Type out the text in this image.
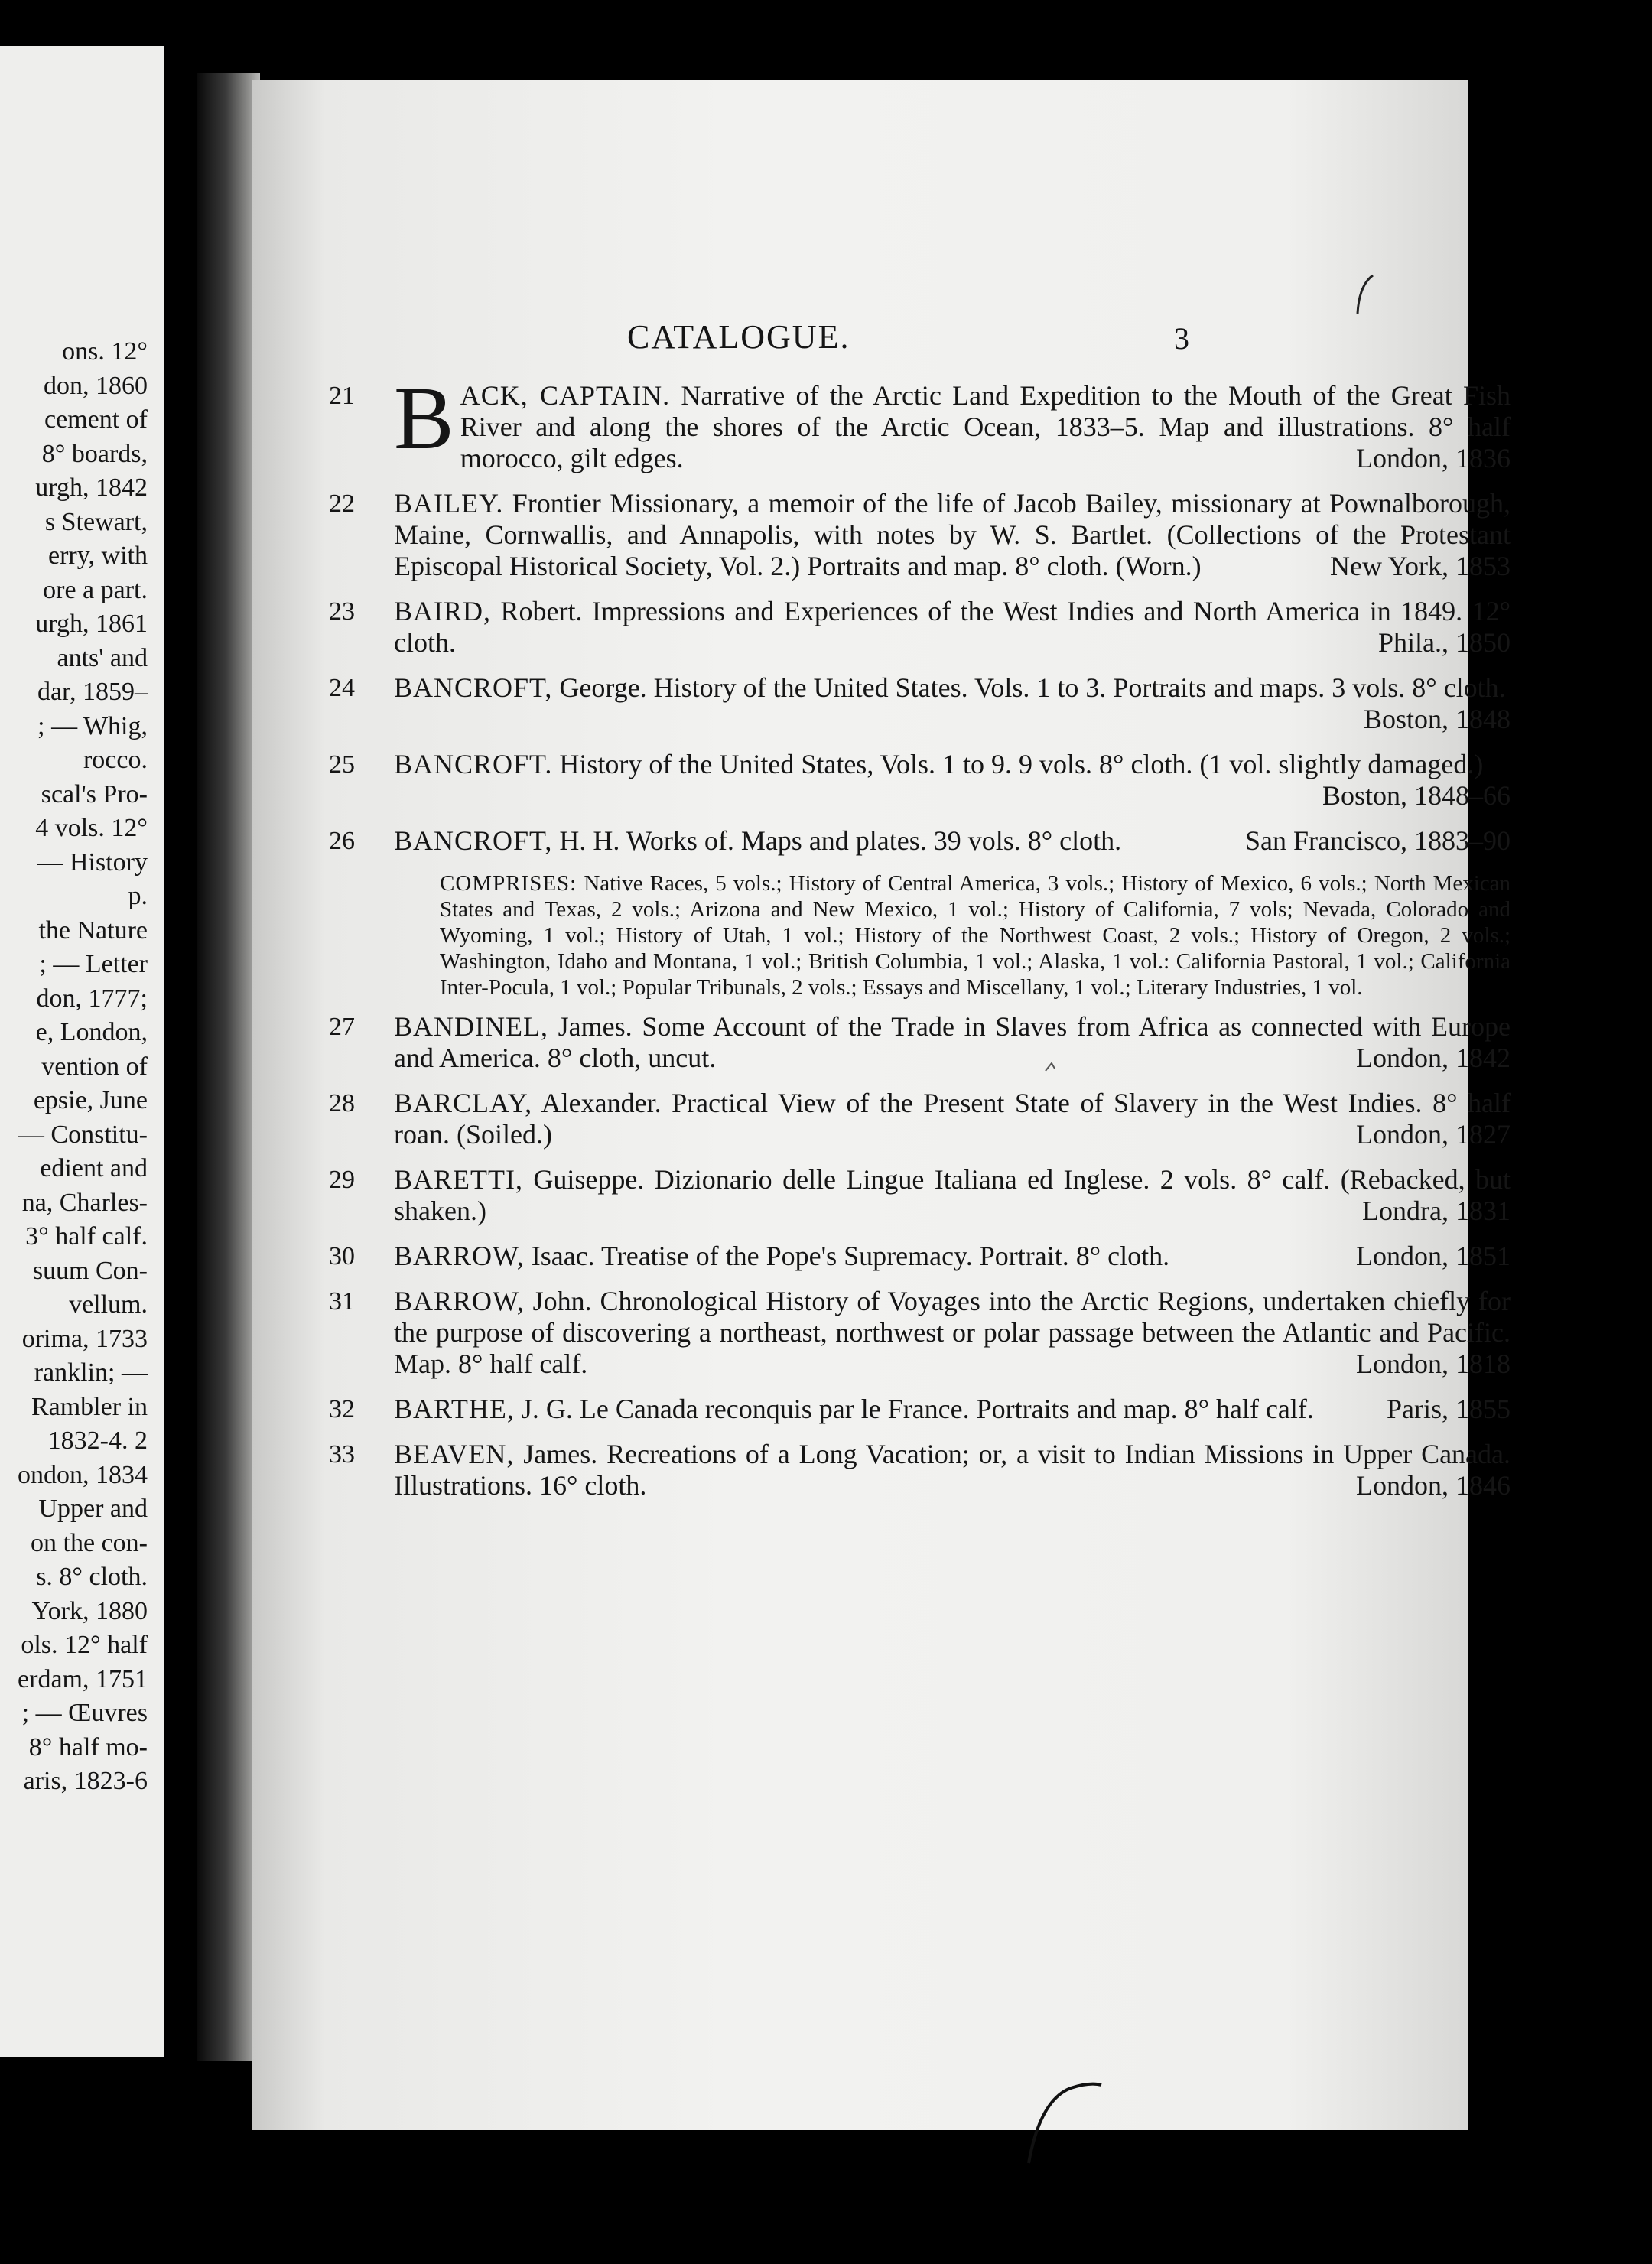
ons. 12°
don, 1860
cement of
8° boards,
urgh, 1842
s Stewart,
erry, with
ore a part.
urgh, 1861
ants' and
dar, 1859–
; — Whig,
rocco.
scal's Pro-
4 vols. 12°
— History
p.
the Nature
; — Letter
don, 1777;
e, London,
vention of
epsie, June
— Constitu-
edient and
na, Charles-
3° half calf.
suum Con-
vellum.
orima, 1733
ranklin; —
Rambler in
1832-4. 2
ondon, 1834
Upper and
on the con-
s. 8° cloth.
York, 1880
ols. 12° half
erdam, 1751
; — Œuvres
8° half mo-
aris, 1823-6
CATALOGUE.	3
21 BACK, CAPTAIN. Narrative of the Arctic Land Expedition to the Mouth of the Great Fish River and along the shores of the Arctic Ocean, 1833–5. Map and illustrations. 8° half morocco, gilt edges.	London, 1836
22	BAILEY. Frontier Missionary, a memoir of the life of Jacob Bailey, missionary at Pownalborough, Maine, Cornwallis, and Annapolis, with notes by W. S. Bartlet. (Collections of the Protestant Episcopal Historical Society, Vol. 2.) Portraits and map. 8° cloth. (Worn.)	New York, 1853
23	BAIRD, Robert. Impressions and Experiences of the West Indies and North America in 1849. 12° cloth.	Phila., 1850
24	BANCROFT, George. History of the United States. Vols. 1 to 3. Portraits and maps. 3 vols. 8° cloth.
Boston, 1848
25	BANCROFT. History of the United States, Vols. 1 to 9. 9 vols. 8° cloth. (1 vol. slightly damaged.)
Boston, 1848–66
26	BANCROFT, H. H. Works of. Maps and plates. 39 vols. 8° cloth.	San Francisco, 1883–90
COMPRISES: Native Races, 5 vols.; History of Central America, 3 vols.; History of Mexico, 6 vols.; North Mexican States and Texas, 2 vols.; Arizona and New Mexico, 1 vol.; History of California, 7 vols; Nevada, Colorado and Wyoming, 1 vol.; History of Utah, 1 vol.; History of the Northwest Coast, 2 vols.; History of Oregon, 2 vols.; Washington, Idaho and Montana, 1 vol.; British Columbia, 1 vol.; Alaska, 1 vol.: California Pastoral, 1 vol.; California Inter-Pocula, 1 vol.; Popular Tribunals, 2 vols.; Essays and Miscellany, 1 vol.; Literary Industries, 1 vol.
27	BANDINEL, James. Some Account of the Trade in Slaves from Africa as connected with Europe and America. 8° cloth, uncut.	London, 1842
28	BARCLAY, Alexander. Practical View of the Present State of Slavery in the West Indies. 8° half roan. (Soiled.)	London, 1827
29	BARETTI, Guiseppe. Dizionario delle Lingue Italiana ed Inglese. 2 vols. 8° calf. (Rebacked, but shaken.)	Londra, 1831
30	BARROW, Isaac. Treatise of the Pope's Supremacy. Portrait. 8° cloth.	London, 1851
31	BARROW, John. Chronological History of Voyages into the Arctic Regions, undertaken chiefly for the purpose of discovering a northeast, northwest or polar passage between the Atlantic and Pacific. Map. 8° half calf.	London, 1818
32	BARTHE, J. G. Le Canada reconquis par le France. Portraits and map. 8° half calf.	Paris, 1855
33	BEAVEN, James. Recreations of a Long Vacation; or, a visit to Indian Missions in Upper Canada. Illustrations. 16° cloth.	London, 1846
